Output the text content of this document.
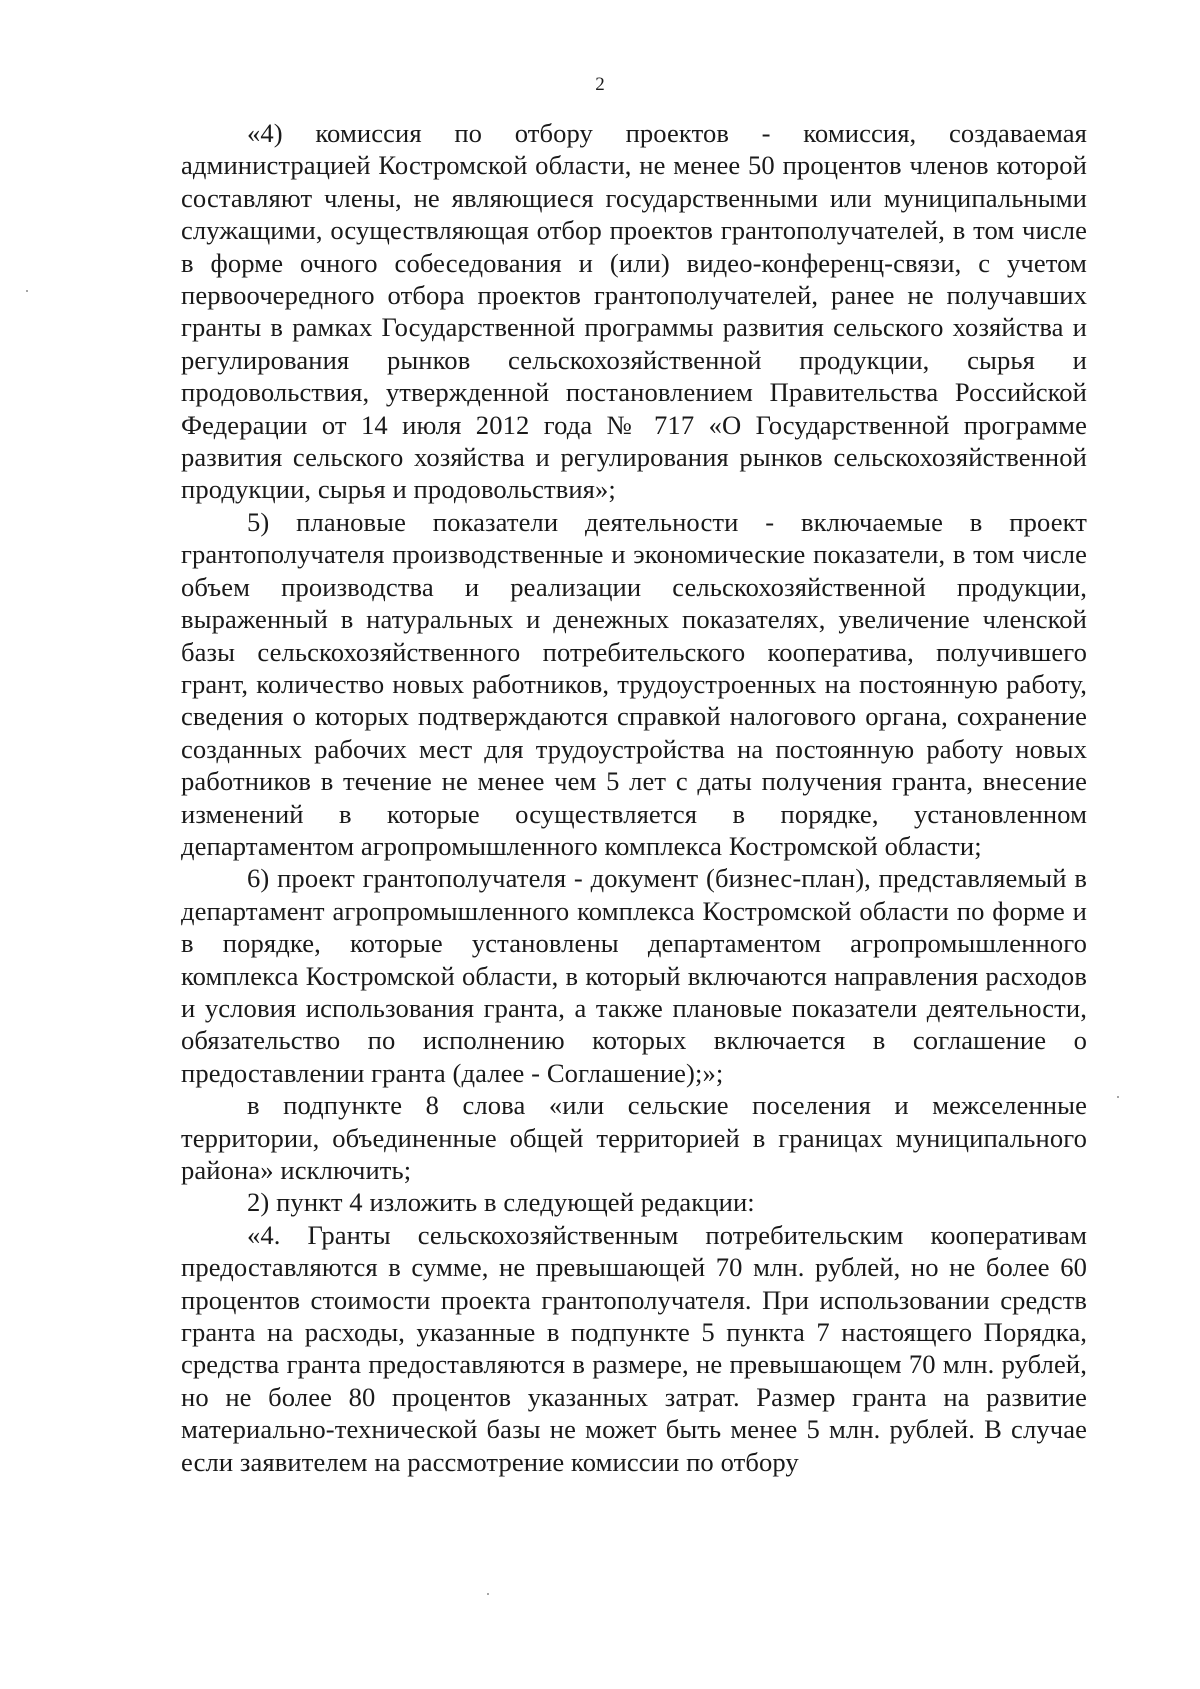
2

«4) комиссия по отбору проектов - комиссия, создаваемая администрацией Костромской области, не менее 50 процентов членов которой составляют члены, не являющиеся государственными или муниципальными служащими, осуществляющая отбор проектов грантополучателей, в том числе в форме очного собеседования и (или) видео-конференц-связи, с учетом первоочередного отбора проектов грантополучателей, ранее не получавших гранты в рамках Государственной программы развития сельского хозяйства и регулирования рынков сельскохозяйственной продукции, сырья и продовольствия, утвержденной постановлением Правительства Российской Федерации от 14 июля 2012 года № 717 «О Государственной программе развития сельского хозяйства и регулирования рынков сельскохозяйственной продукции, сырья и продовольствия»;

5) плановые показатели деятельности - включаемые в проект грантополучателя производственные и экономические показатели, в том числе объем производства и реализации сельскохозяйственной продукции, выраженный в натуральных и денежных показателях, увеличение членской базы сельскохозяйственного потребительского кооператива, получившего грант, количество новых работников, трудоустроенных на постоянную работу, сведения о которых подтверждаются справкой налогового органа, сохранение созданных рабочих мест для трудоустройства на постоянную работу новых работников в течение не менее чем 5 лет с даты получения гранта, внесение изменений в которые осуществляется в порядке, установленном департаментом агропромышленного комплекса Костромской области;

6) проект грантополучателя - документ (бизнес-план), представляемый в департамент агропромышленного комплекса Костромской области по форме и в порядке, которые установлены департаментом агропромышленного комплекса Костромской области, в который включаются направления расходов и условия использования гранта, а также плановые показатели деятельности, обязательство по исполнению которых включается в соглашение о предоставлении гранта (далее - Соглашение);»;

в подпункте 8 слова «или сельские поселения и межселенные территории, объединенные общей территорией в границах муниципального района» исключить;

2) пункт 4 изложить в следующей редакции:

«4. Гранты сельскохозяйственным потребительским кооперативам предоставляются в сумме, не превышающей 70 млн. рублей, но не более 60 процентов стоимости проекта грантополучателя. При использовании средств гранта на расходы, указанные в подпункте 5 пункта 7 настоящего Порядка, средства гранта предоставляются в размере, не превышающем 70 млн. рублей, но не более 80 процентов указанных затрат. Размер гранта на развитие материально-технической базы не может быть менее 5 млн. рублей. В случае если заявителем на рассмотрение комиссии по отбору
